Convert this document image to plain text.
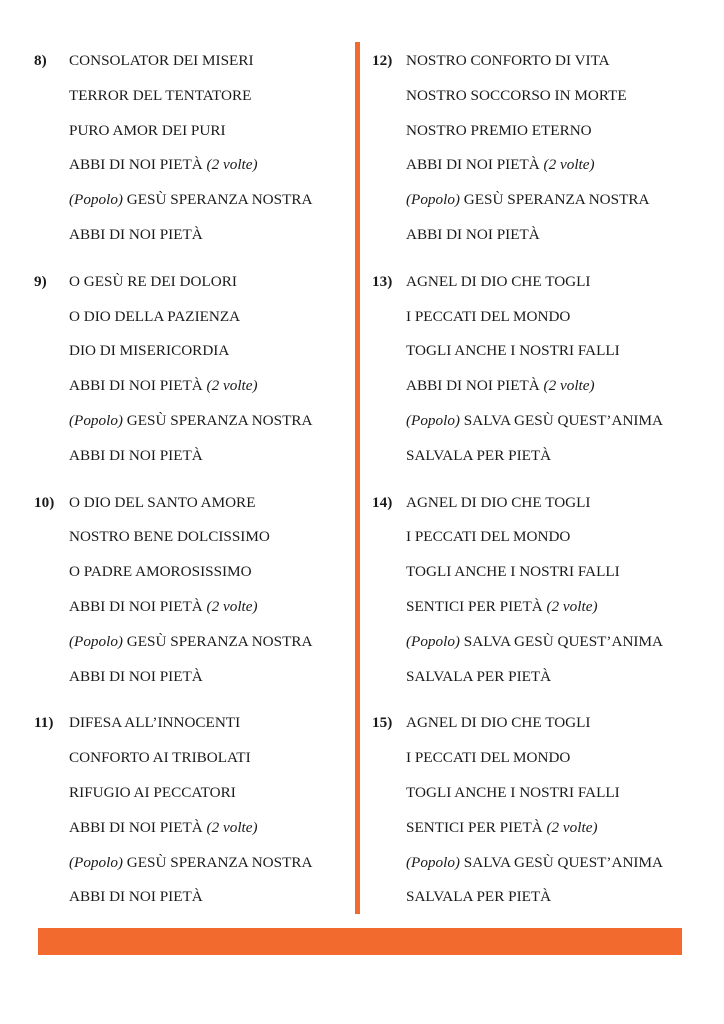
8) CONSOLATOR DEI MISERI
TERROR DEL TENTATORE
PURO AMOR DEI PURI
ABBI DI NOI PIETÀ (2 volte)
(Popolo) GESÙ SPERANZA NOSTRA
ABBI DI NOI PIETÀ
9) O GESÙ RE DEI DOLORI
O DIO DELLA PAZIENZA
DIO DI MISERICORDIA
ABBI DI NOI PIETÀ (2 volte)
(Popolo) GESÙ SPERANZA NOSTRA
ABBI DI NOI PIETÀ
10) O DIO DEL SANTO AMORE
NOSTRO BENE DOLCISSIMO
O PADRE AMOROSISSIMO
ABBI DI NOI PIETÀ (2 volte)
(Popolo) GESÙ SPERANZA NOSTRA
ABBI DI NOI PIETÀ
11) DIFESA ALL’INNOCENTI
CONFORTO AI TRIBOLATI
RIFUGIO AI PECCATORI
ABBI DI NOI PIETÀ (2 volte)
(Popolo) GESÙ SPERANZA NOSTRA
ABBI DI NOI PIETÀ
12) NOSTRO CONFORTO DI VITA
NOSTRO SOCCORSO IN MORTE
NOSTRO PREMIO ETERNO
ABBI DI NOI PIETÀ (2 volte)
(Popolo) GESÙ SPERANZA NOSTRA
ABBI DI NOI PIETÀ
13) AGNEL DI DIO CHE TOGLI
I PECCATI DEL MONDO
TOGLI ANCHE I NOSTRI FALLI
ABBI DI NOI PIETÀ (2 volte)
(Popolo) SALVA GESÙ QUEST’ANIMA
SALVALA PER PIETÀ
14) AGNEL DI DIO CHE TOGLI
I PECCATI DEL MONDO
TOGLI ANCHE I NOSTRI FALLI
SENTICI PER PIETÀ (2 volte)
(Popolo) SALVA GESÙ QUEST’ANIMA
SALVALA PER PIETÀ
15) AGNEL DI DIO CHE TOGLI
I PECCATI DEL MONDO
TOGLI ANCHE I NOSTRI FALLI
SENTICI PER PIETÀ (2 volte)
(Popolo) SALVA GESÙ QUEST’ANIMA
SALVALA PER PIETÀ
